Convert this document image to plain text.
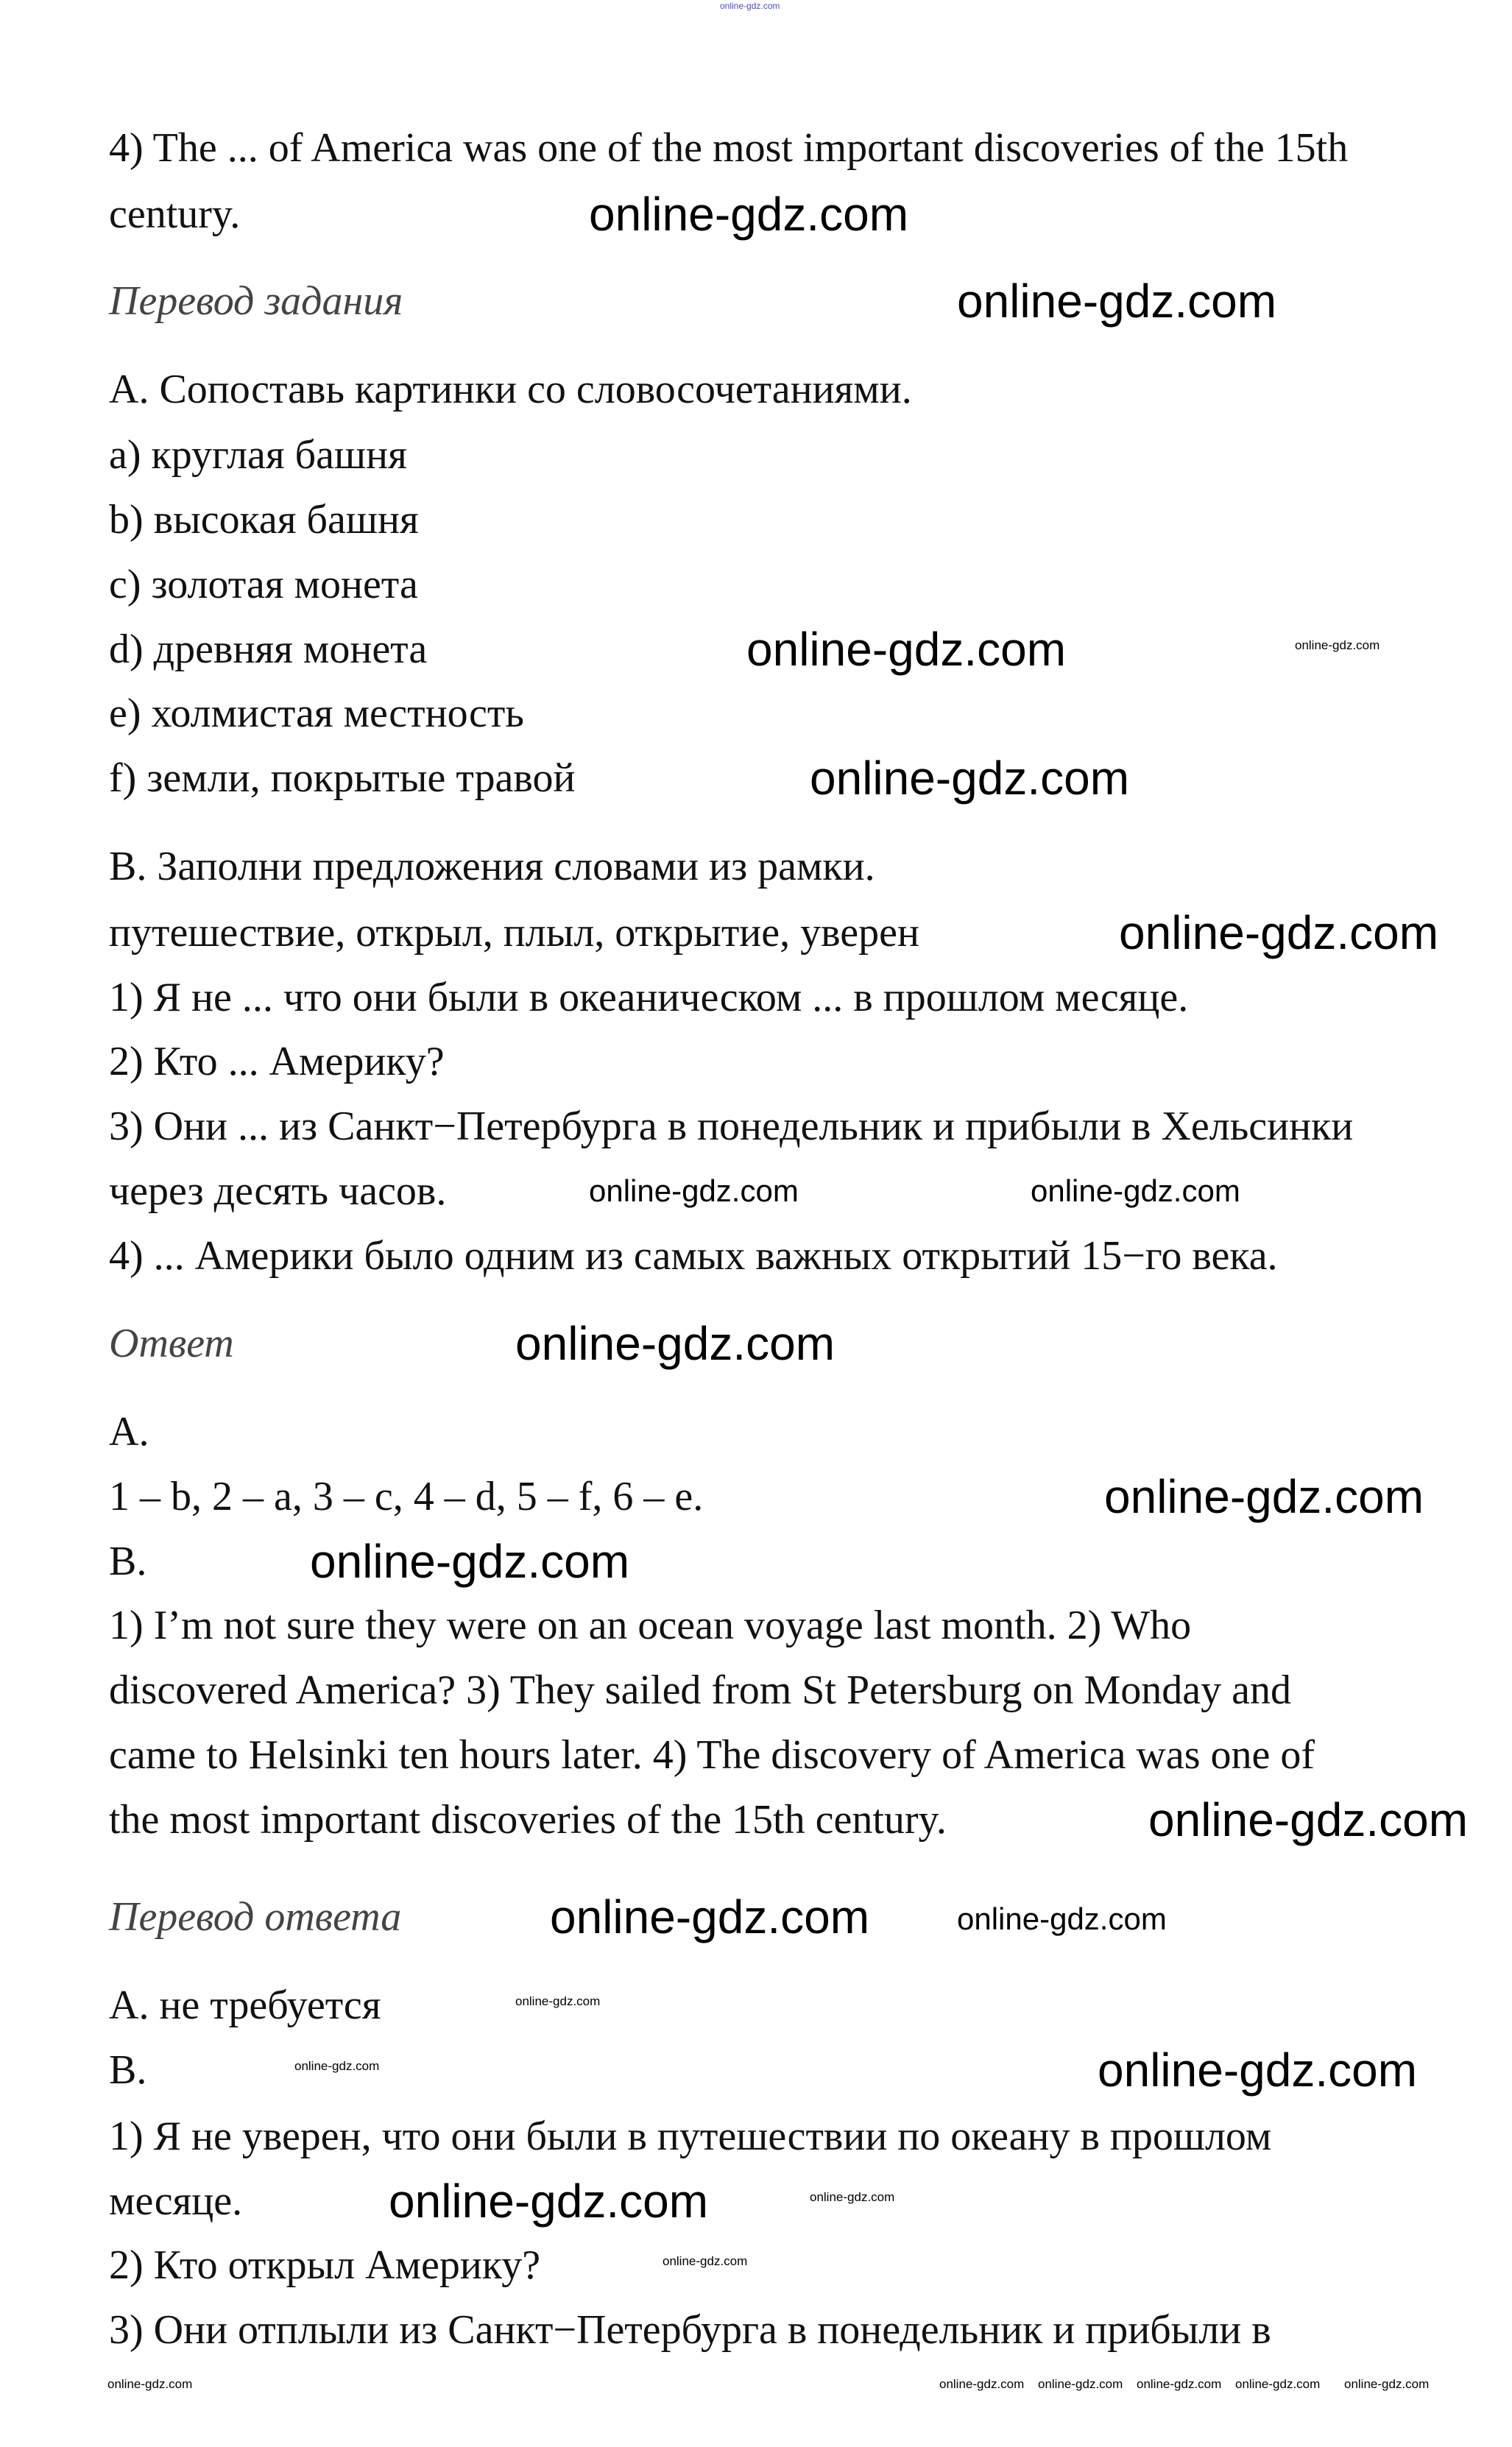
4) The ... of America was one of the most important discoveries of the 15th
century.
Перевод задания
A. Сопоставь картинки со словосочетаниями.
a) круглая башня
b) высокая башня
c) золотая монета
d) древняя монета
e) холмистая местность
f) земли, покрытые травой
B. Заполни предложения словами из рамки.
путешествие, открыл, плыл, открытие, уверен
1) Я не ... что они были в океаническом ... в прошлом месяце.
2) Кто ... Америку?
3) Они ... из Санкт−Петербурга в понедельник и прибыли в Хельсинки
через десять часов.
4) ... Америки было одним из самых важных открытий 15−го века.
Ответ
A.
1 – b, 2 – a, 3 – c, 4 – d, 5 – f, 6 – e.
B.
1) I’m not sure they were on an ocean voyage last month. 2) Who
discovered America? 3) They sailed from St Petersburg on Monday and
came to Helsinki ten hours later. 4) The discovery of America was one of
the most important discoveries of the 15th century.
Перевод ответа
A. не требуется
B.
1) Я не уверен, что они были в путешествии по океану в прошлом
месяце.
2) Кто открыл Америку?
3) Они отплыли из Санкт−Петербурга в понедельник и прибыли в
online-gdz.com
online-gdz.com
online-gdz.com
online-gdz.com
online-gdz.com
online-gdz.com
online-gdz.com
online-gdz.com
online-gdz.com
online-gdz.com
online-gdz.com
online-gdz.com
online-gdz.com
online-gdz.com	online-gdz.com
online-gdz.com
online-gdz.com
online-gdz.com
online-gdz.com
online-gdz.com
online-gdz.com
online-gdz.com	online-gdz.com online-gdz.com online-gdz.com online-gdz.com online-gdz.com
